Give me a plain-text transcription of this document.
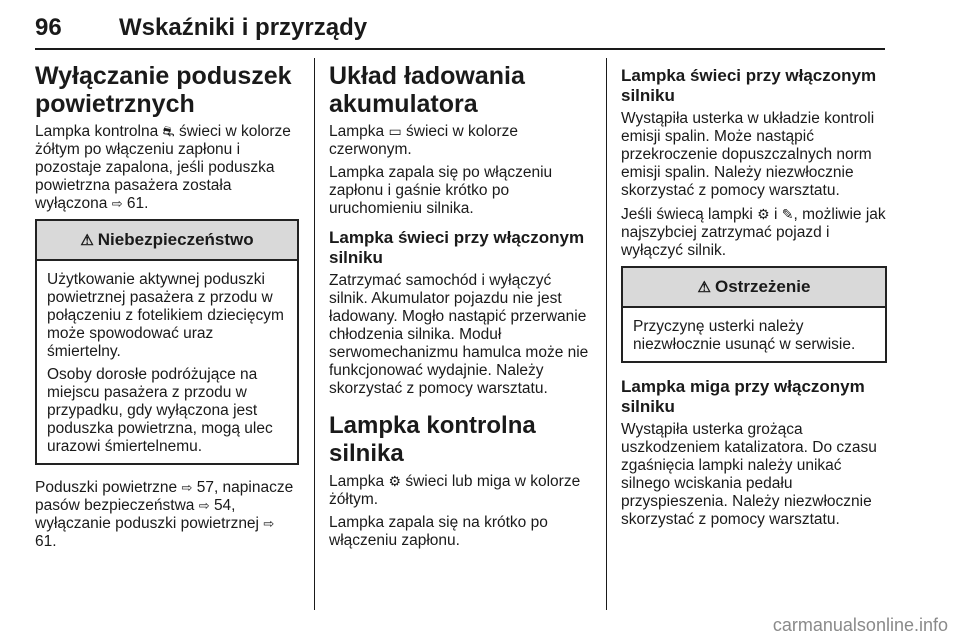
96 Wskaźniki i przyrządy
Wyłączanie poduszek powietrznych

Lampka kontrolna ⛐ świeci w kolorze żółtym po włączeniu zapłonu i pozostaje zapalona, jeśli poduszka powietrzna pasażera została wyłączona ⇨ 61.

⚠ Niebezpieczeństwo

Użytkowanie aktywnej poduszki powietrznej pasażera z przodu w połączeniu z fotelikiem dziecięcym może spowodować uraz śmiertelny.

Osoby dorosłe podróżujące na miejscu pasażera z przodu w przypadku, gdy wyłączona jest poduszka powietrzna, mogą ulec urazowi śmiertelnemu.

Poduszki powietrzne ⇨ 57, napinacze pasów bezpieczeństwa ⇨ 54, wyłączanie poduszki powietrznej ⇨ 61.

Układ ładowania akumulatora

Lampka ▭ świeci w kolorze czerwonym.

Lampka zapala się po włączeniu zapłonu i gaśnie krótko po uruchomieniu silnika.

Lampka świeci przy włączonym silniku

Zatrzymać samochód i wyłączyć silnik. Akumulator pojazdu nie jest ładowany. Mogło nastąpić przerwanie chłodzenia silnika. Moduł serwomechanizmu hamulca może nie funkcjonować wydajnie. Należy skorzystać z pomocy warsztatu.

Lampka kontrolna silnika

Lampka ⚙ świeci lub miga w kolorze żółtym.

Lampka zapala się na krótko po włączeniu zapłonu.

Lampka świeci przy włączonym silniku

Wystąpiła usterka w układzie kontroli emisji spalin. Może nastąpić przekroczenie dopuszczalnych norm emisji spalin. Należy niezwłocznie skorzystać z pomocy warsztatu.

Jeśli świecą lampki ⚙ i ✎, możliwie jak najszybciej zatrzymać pojazd i wyłączyć silnik.

⚠ Ostrzeżenie

Przyczynę usterki należy niezwłocznie usunąć w serwisie.

Lampka miga przy włączonym silniku

Wystąpiła usterka grożąca uszkodzeniem katalizatora. Do czasu zgaśnięcia lampki należy unikać silnego wciskania pedału przyspieszenia. Należy niezwłocznie skorzystać z pomocy warsztatu.

carmanualsonline.info
